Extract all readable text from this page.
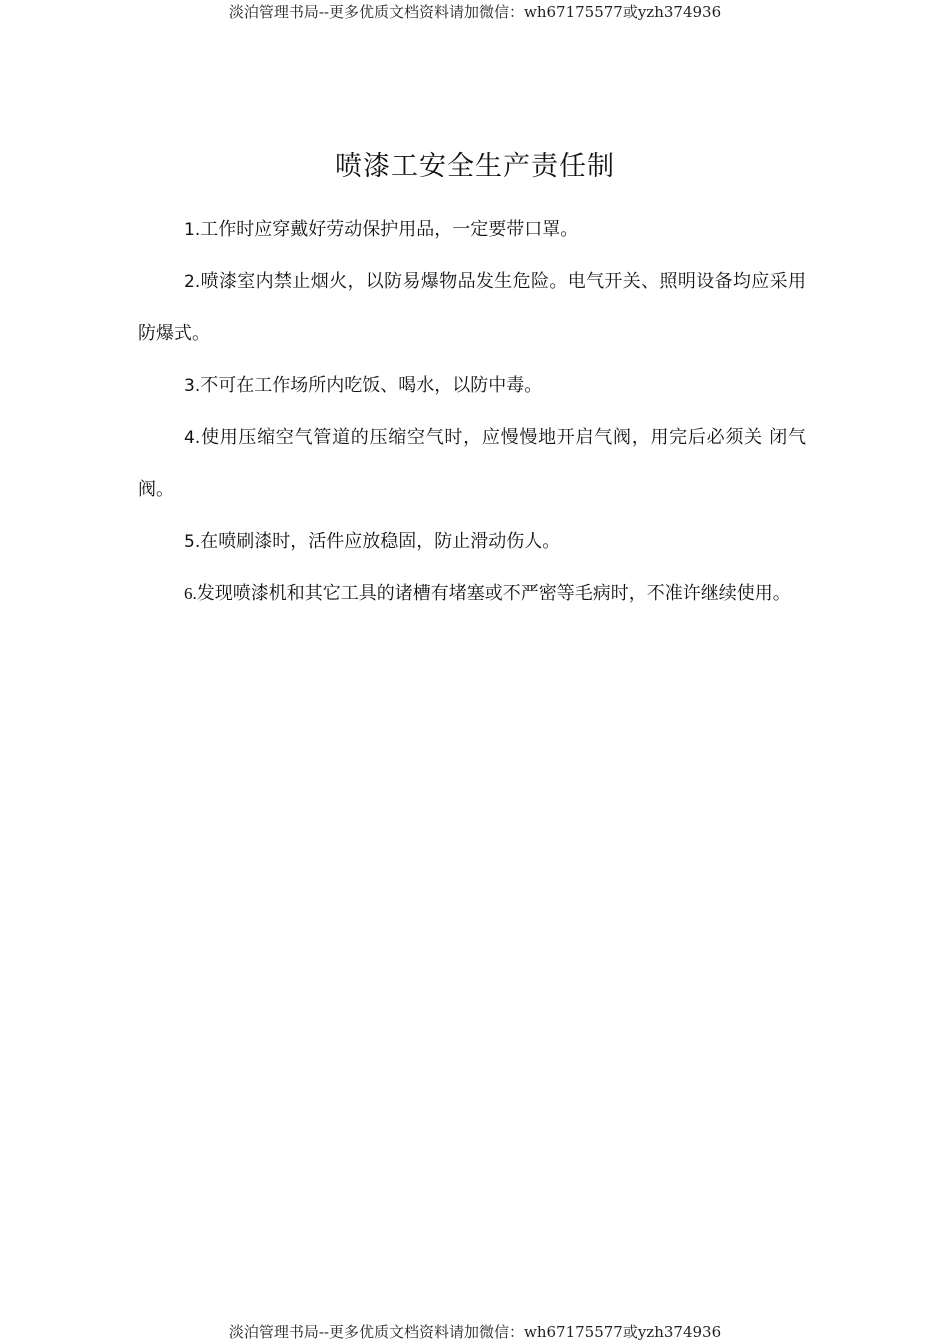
淡泊管理书局--更多优质文档资料请加微信：wh67175577或yzh374936
喷漆工安全生产责任制

1.工作时应穿戴好劳动保护用品，一定要带口罩。

2.喷漆室内禁止烟火，以防易爆物品发生危险。电气开关、照明设备均应采用防爆式。

3.不可在工作场所内吃饭、喝水，以防中毒。

4.使用压缩空气管道的压缩空气时，应慢慢地开启气阀，用完后必须关 闭气阀。

5.在喷刷漆时，活件应放稳固，防止滑动伤人。

6.发现喷漆机和其它工具的诸槽有堵塞或不严密等毛病时，不准许继续使用。

淡泊管理书局--更多优质文档资料请加微信：wh67175577或yzh374936
